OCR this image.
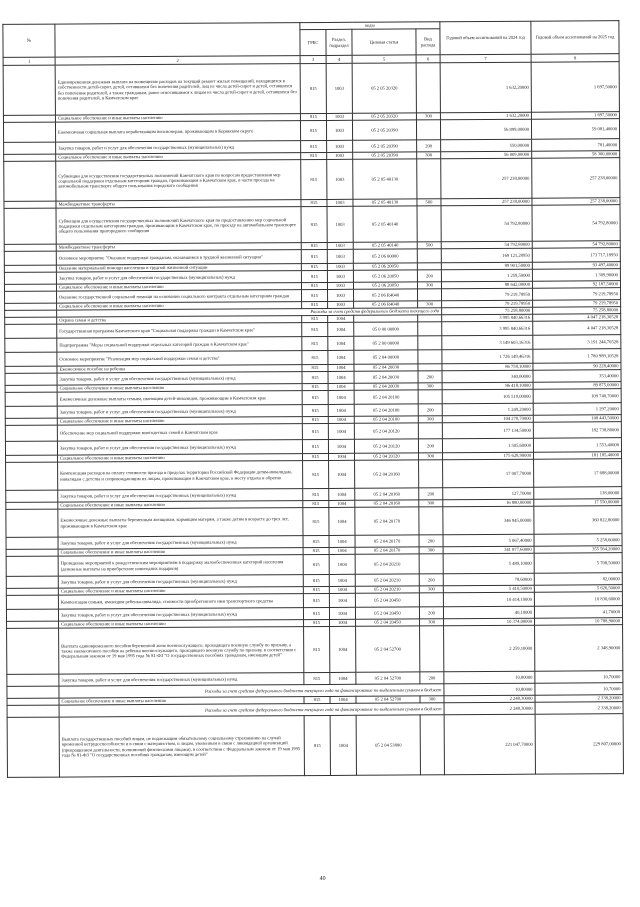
№		коды				Годовой объем ассигнований на 2024 год	Годовой объем ассигнований на 2025 год
		ГРБС	Раздел, подраздел	Целевая статья	Вид расхода		
1	2	3	4	5	6	7	8
	Единовременная денежная выплата на возмещение расходов на текущий ремонт жилых помещений, находящихся в собственности детей-сирот, детей, оставшихся без попечения родителей, лиц из числа детей-сирот и детей, оставшихся без попечения родителей, а также гражданам, ранее относившимся к лицам из числа детей-сирот и детей, оставшихся без попечения родителей, в Камчатском крае	815	1003	05 2 05 20320		1 632,20000	1 697,50000
	Социальное обеспечение и иные выплаты населению	815	1003	05 2 05 20320	300	1 632,20000	1 697,50000
	Ежемесячная социальная выплата неработающим пенсионерам, проживающим в Корякском округе	815	1003	05 2 05 20390		56 899,00000	59 081,40000
	Закупка товаров, работ и услуг для обеспечения государственных (муниципальных) нужд	815	1003	05 2 05 20390	200	550,00000	781,40000
	Социальное обеспечение и иные выплаты населению	815	1003	05 2 05 20390	300	56 009,00000	58 300,00000
	Субвенции для осуществления государственных полномочий Камчатского края по вопросам предоставления мер социальной поддержки отдельным категориям граждан, проживающим в Камчатском крае, в части проезда на автомобильном транспорте общего пользования городского сообщения	815	1003	05 2 05 40130		257 238,00000	257 238,00000
	Межбюджетные трансферты	815	1003	05 2 05 40130	500	257 238,00000	257 238,00000
	Субвенции для осуществления государственных полномочий Камчатского края по предоставлению мер социальной поддержки отдельным категориям граждан, проживающим в Камчатском крае, по проезду на автомобильном транспорте общего пользования пригородного сообщения	815	1003	05 2 05 40140		54 792,80000	54 792,80000
	Межбюджетные трансферты	815	1003	05 2 05 40140	500	54 792,80000	54 792,80000
	Основное мероприятие "Оказание поддержки гражданам, оказавшимся в трудной жизненной ситуации"	815	1003	05 2 06 00000		169 121,28950	173 717,18950
	Оказание материальной помощи населению в трудной жизненной ситуации	815	1003	05 2 06 20050		89 901,50000	93 497,40000
	Закупка товаров, работ и услуг для обеспечения государственных (муниципальных) нужд	815	1003	05 2 06 20050	200	1 259,50000	1 309,90000
	Социальное обеспечение и иные выплаты населению	815	1003	05 2 06 20050	300	88 642,00000	92 187,50000
	Оказание государственной социальной помощи на основании социального контракта отдельным категориям граждан	815	1003	05 2 06 R4040		79 219,78950	79 219,78950
	Социальное обеспечение и иные выплаты населению	815	1003	05 2 06 R4040	300	79 219,78950	79 219,78950
	Расходы за счет средств федерального бюджета текущего года					75 258,80000	75 258,80000
	Охрана семьи и детства	815	1004			3 995 840,66316	4 047 218,30528
	Государственная программа Камчатского края "Социальная поддержка граждан в Камчатском крае"	815	1004	05 0 00 00000		3 995 840,66316	4 047 218,30528
	Подпрограмма "Меры социальной поддержки отдельных категорий граждан в Камчатском крае"	815	1004	05 2 00 00000		3 149 603,16316	3 191 244,70528
	Основное мероприятие "Реализация мер социальной поддержки семьи и детства"	815	1004	05 2 04 00000		1 726 149,46316	1 780 989,10528
	Ежемесячное пособие на ребенка	815	1004	05 2 04 20030		86 758,10000	90 228,40000
	Закупка товаров, работ и услуг для обеспечения государственных (муниципальных) нужд	815	1004	05 2 04 20030	200	340,00000	353,40000
	Социальное обеспечение и иные выплаты населению	815	1004	05 2 04 20030	300	86 418,10000	89 875,00000
	Ежемесячные денежные выплаты семьям, имеющим детей-инвалидов, проживающим в Камчатском крае	815	1004	05 2 04 20100		105 519,00000	109 740,70000
	Закупка товаров, работ и услуг для обеспечения государственных (муниципальных) нужд	815	1004	05 2 04 20100	200	1 249,20000	1 297,20000
	Социальное обеспечение и иные выплаты населению	815	1004	05 2 04 20100	300	104 270,70000	108 443,50000
	Обеспечение мер социальной поддержки многодетных семей в Камчатском крае	815	1004	05 2 04 20120		177 134,50000	182 738,80000
	Закупка товаров, работ и услуг для обеспечения государственных (муниципальных) нужд	815	1004	05 2 04 20120	200	1 505,60000	1 553,40000
	Социальное обеспечение и иные выплаты населению	815	1004	05 2 04 20120	300	175 628,90000	181 185,40000
	Компенсация расходов на оплату стоимости проезда в пределах территории Российской Федерации детям-инвалидам, инвалидам с детства и сопровождающим их лицам, проживающим в Камчатском крае, к месту отдыха и обратно	815	1004	05 2 04 20160		17 007,70000	17 688,00000
	Закупка товаров, работ и услуг для обеспечения государственных (муниципальных) нужд	815	1004	05 2 04 20160	200	127,70000	138,00000
	Социальное обеспечение и иные выплаты населению	815	1004	05 2 04 20160	300	16 880,00000	17 550,00000
	Ежемесячные денежные выплаты беременным женщинам, кормящим матерям, а также детям в возрасте до трех лет, проживающим в Камчатском крае	815	1004	05 2 04 20170		346 945,00000	360 822,80000
	Закупка товаров, работ и услуг для обеспечения государственных (муниципальных) нужд	815	1004	05 2 04 20170	200	5 067,40000	5 258,60000
	Социальное обеспечение и иные выплаты населению	815	1004	05 2 04 20170	300	341 877,60000	355 564,20000
	Проведение мероприятий к рождественским мероприятиям в поддержку малообеспеченных категорий населения (денежные выплаты на приобретение новогодних подарков)	815	1004	05 2 04 20210		5 489,10000	5 708,50000
	Закупка товаров, работ и услуг для обеспечения государственных (муниципальных) нужд	815	1004	05 2 04 20210	200	78,60000	82,00000
	Социальное обеспечение и иные выплаты населению	815	1004	05 2 04 20210	300	5 410,50000	5 626,50000
	Компенсация семьям, имеющим ребенка-инвалида, стоимости приобретенного ими транспортного средства	815	1004	05 2 04 20450		10 414,10000	10 830,60000
	Закупка товаров, работ и услуг для обеспечения государственных (муниципальных) нужд	815	1004	05 2 04 20450	200	40,10000	41,70000
	Социальное обеспечение и иные выплаты населению	815	1004	05 2 04 20450	300	10 374,00000	10 788,90000
	Выплата единовременного пособия беременной жене военнослужащего, проходящего военную службу по призыву, а также ежемесячного пособия на ребенка военнослужащего, проходящего военную службу по призыву, в соответствии с Федеральным законом от 19 мая 1995 года № 81-ФЗ "О государственных пособиях гражданам, имеющим детей"	815	1004	05 2 04 52700		2 259,10000	2 348,90000
	Закупка товаров, работ и услуг для обеспечения государственных (муниципальных) нужд	815	1004	05 2 04 52700	200	10,80000	10,70000
	Расходы за счет средств федерального бюджета текущего года на финансирование по выделенным суммам в бюджет					10,80000	10,70000
	Социальное обеспечение и иные выплаты населению	815	1004	05 2 04 52700	300	2 248,30000	2 338,20000
	Расходы за счет средств федерального бюджета текущего года на финансирование по выделенным суммам в бюджет					2 248,30000	2 338,20000
	Выплата государственных пособий лицам, не подлежащим обязательному социальному страхованию на случай временной нетрудоспособности и в связи с материнством, и лицам, уволенным в связи с ликвидацией организаций (прекращением деятельности, полномочий физическими лицами), в соответствии с Федеральным законом от 19 мая 1995 года № 81-ФЗ "О государственных пособиях гражданам, имеющим детей"	815	1004	05 2 04 53800		221 047,70000	229 807,00000
40
